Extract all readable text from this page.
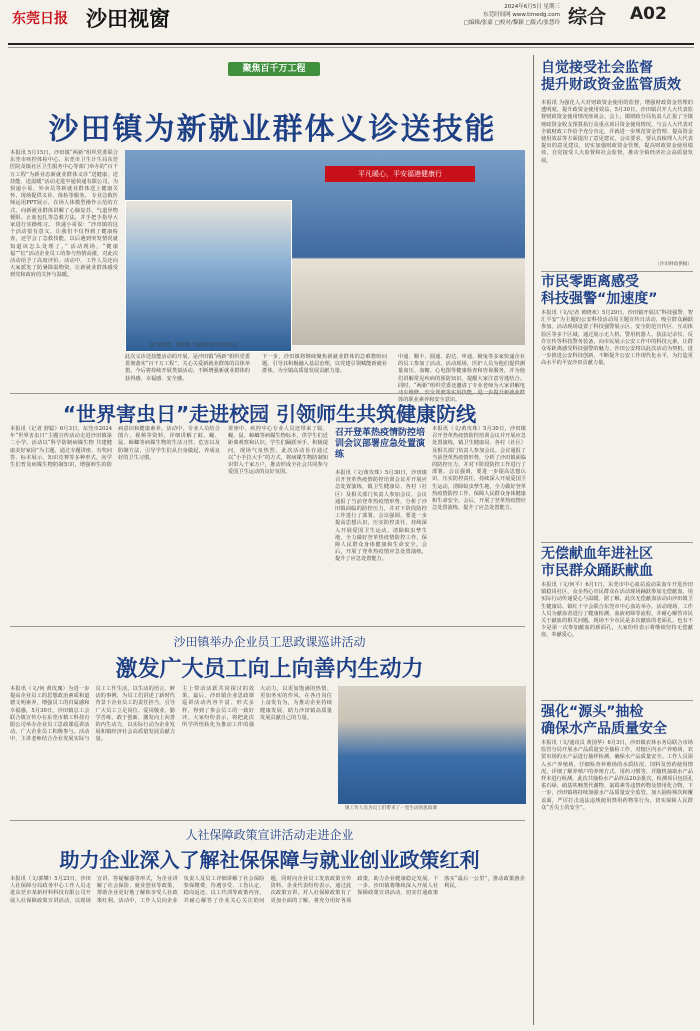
东莞日报 沙田视窗	2024年6月5日 星期三
东莞时间网 www.timedg.com
□编辑/张豪 □校对/黎颖 □版式/张慧玲 综合 A02
聚焦百千万工程
沙田镇为新就业群体义诊送技能
本报讯 5月15日，沙田镇“两新”组织党委联合东莞市疾控体检中心、东莞市卫生计生局东莞医院及镇社区卫生服务中心等部门举办的“百千万工程”为新业态新就业群体义诊“送健康、送技能、送温暖”活动走进中通快递有限公司，为快递小哥、外卖员等新就业群体送上健康关怀，现场提供义诊、体检等服务。 专业急救医师运用PPT展示、在场人体模型操作示范的方式，向新就业群体讲解了心肺复苏、气道异物梗阻、止血包扎等急救方法，并手把手指导大家进行实操练习。 快递小哥说：“沙田镇的这个活动很有意义，让我们不仅得到了健康检查，还学会了急救技能，以后遇到突发情况就知道该怎么处理了。” 活动现场，“健康福”“红”活动企业员工的参与热情高涨，对此次活动给予了高度评价。活动中，工作人员还向大家派发了防暑降温物资，让新就业群体感受到党和政府的关怀与温暖。
平凡暖心，平安福港健康行
新“送技能、送健康、送温暖”活动走进企业
此次义诊送技能活动的开展，是沙田镇“两新”组织党委贯彻落实“百千万工程”、关心关爱新就业群体的具体举措，今后将持续开展类似活动，不断增强新就业群体的获得感、幸福感、安全感。
下一步，沙田镇将继续聚焦新就业群体的急难愁盼问题，引导其积极融入基层治理，以党建引领赋能新就业群体，为全镇高质量发展贡献力量。
中通、顺丰、圆通、韵达、申通、极兔等多家快递企业的员工参加了活动。活动现场，医护人员为他们提供测量血压、血糖、心电图等健康检查和咨询服务，并为他们讲解常见疾病的预防知识，提醒大家注意劳逸结合。同时，“两新”组织党委还邀请了专业老师为大家讲解电 体的职业素养和安全意识。
“世界害虫日”走进校园 引领师生共筑健康防线
本报讯（记者 舒聪）6月3日，东莞市2024年“世界害虫日”主题宣传活动走进沙田镇第二小学。活动以“科学防制病媒生物 共建健康美好家园”为主题，通过专题讲座、有奖问答、标本展示、知识竞赛等多种形式，向学生们普及病媒生物防制知识，增强师生的防病意识和健康素养。活动中，专业人员结合图片、视频等资料，详细讲解了蚊、蝇、鼠、蟑螂等病媒生物的生活习性、危害以及防制方法，引导学生们从自身做起，养成良好的卫生习惯。
讲座中，疾控中心专业人员还带来了蚊、蝇、鼠、蟑螂等病媒生物标本，供学生们近距离观察和认识。学生们踊跃举手、积极提问，现场气氛热烈。此次活动旨在通过以“小手拉大手”的方式，将病媒生物防制知识带入千家万户，推动形成全社会共同参与爱国卫生运动的良好氛围。
召开登革热疫情防控培训会议部署应急处置演练
本报讯（文/黄攻珠）5月30日，沙田镇召开登革热疫情防控培训会议并开展应急处置演练，镇卫生健康局、各村（社区）及相关部门负责人参加会议。会议通报了当前登革热疫情形势，分析了沙田镇面临的防控压力，并对下阶段防控工作进行了部署。会议强调，要进一步提高思想认识，压实防控责任，持续深入开展爱国卫生运动，清除蚊虫孳生地，全力做好登革热疫情防控工作，保障人民群众身体健康和生命安全。会后，开展了登革热疫情应急处置演练，提升了应急处置能力。
本报讯（文/黄攻珠）5月30日，沙田镇召开登革热疫情防控培训会议并开展应急处置演练，镇卫生健康局、各村（社区）及相关部门负责人参加会议。会议通报了当前登革热疫情形势，分析了沙田镇面临的防控压力，并对下阶段防控工作进行了部署。会议强调，要进一步提高思想认识，压实防控责任，持续深入开展爱国卫生运动，清除蚊虫孳生地，全力做好登革热疫情防控工作，保障人民群众身体健康和生命安全。会后，开展了登革热疫情应急处置演练，提升了应急处置能力。
沙田镇举办企业员工思政课巡讲活动
激发广大员工向上向善内生动力
本报讯（文/何 黄玫瑰）为进一步提高企业员工的思想政治素质和道德文明素养，增强员工的归属感和幸福感，5月30日，沙田镇总工会联合镇宣传办在东莞市精工科技有限公司举办企业员工思政课巡讲活动，广大企业员工积极参与。活动中，主讲老师结合企业发展实际与员工工作生活，以生动的语言、鲜活的事例，为员工们讲述了新时代背景下企业员工的责任担当，引导广大员工立足岗位、爱岗敬业、勤学苦练、敢于创新，激发向上向善的内生动力，以实际行动为企业发展和镇经济社会高质量发展贡献力量。
主上带动活跃共同探讨的效果。最后，沙田镇企业思政课巡讲活动内容丰富、形式多样，得到了参会员工的一致好评。大家纷纷表示，将把此次所学所悟转化为推动工作的强大动力，以更加饱满的热情、更加务实的作风，在各自岗位上奋发有为，为推动企业持续健康发展、助力沙田镇高质量发展贡献自己的力量。
镇工作人员为员工们带来了一堂生动的思政课
人社保障政策宣讲活动走进企业
助力企业深入了解社保保障与就业创业政策红利
本报讯（文/郭攀）5月23日，沙田人社保障分局政务中心工作人员走进东莞市某新材料科技有限公司开展人社保障政策宣讲活动，以现场宣讲、答疑解惑等形式，为企业讲解了社会保险、就业创业等政策，帮助企业更好地了解和享受人社政策红利。活动中，工作人员向企业负责人及员工详细讲解了社会保险参保缴费、待遇享受、工伤认定、稳岗返还、以工代训等政策内容，并耐心解答了企业关心关注的问题，同时向企业员工发放政策宣传资料。企业代表纷纷表示，通过此次政策宣讲，对人社保障政策有了更加全面的了解，将充分用好各项政策，助力企业健康稳定发展。下一步，沙田镇将继续深入开展人社保障政策宣讲活动，切实打通政策落实“最后一公里”，推动政策惠企利民。
自觉接受社会监督
提升财政资金监管质效
本报讯 为强化人大对财政资金使用的监督，增强财政资金管理的透明度，提升政资金使用效益，5月30日，沙田镇召开人大代表监督财政资金使用情况座谈会。会上，镇财政分局负责人汇报了全镇财政资金收支预算执行及重点项目资金使用情况。与会人大代表对全镇财政工作给予充分肯定，并就进一步规范资金管理、提高资金使用效益等方面提出了意见建议。会议要求，要认真梳理人大代表提出的意见建议，切实加强财政资金管理，提高财政资金使用绩效，自觉接受人大监督和社会监督，推动全镇经济社会高质量发展。
（沙田财政供稿）
市民零距离感受
科技强警“加速度”
本报讯（文/记者 黄晓欢）5月29日，沙田镇开展以“科技强警、智汇平安”为主题的公安科技活动周主题宣传日活动，吸引群众踊跃参加。活动现场设置了科技强警展示区、安全防范宣传区、互动体验区等多个区域，通过展示无人机、警用机器人、执法记录仪、反诈宣传等科技警务装备，向市民展示公安工作中的科技元素，让群众零距离感受科技强警的魅力。沙田公安将以此次活动为契机，进一步推进公安科技创新，不断提升公安工作现代化水平，为打造更高水平的平安沙田贡献力量。
无偿献血年进社区
市民群众踊跃献血
本报讯（文/何平）6月1日，东莞市中心血站流动采血车开进沙田镇稳岗社区，众多热心市民群众在活动现场踊跃参加无偿献血，用实际行动传递爱心与温暖。据了解，此次无偿献血活动由沙田镇卫生健康局、镇红十字会联合东莞市中心血站举办。活动现场，工作人员为献血者进行了健康检测、血液初筛等流程，并耐心解答市民关于献血的相关问题。现场不少市民是多次献血的老面孔，也有不少是第一次参加献血的新面孔，大家纷纷表示将继续坚持无偿献血，奉献爱心。
强化“源头”抽检
确保水产品质量安全
本报讯（文/通讯员 黄国华）6月3日，沙田镇农林水务局联合市场监管分局开展水产品质量安全抽检工作，对辖区内水产养殖场、农贸市场的水产品进行抽样检测，确保水产品质量安全。工作人员深入水产养殖场，仔细检查养殖场的水质状况、饲料及兽药使用情况，详细了解养殖户的养殖方式、用药习惯等，并随机抽取水产品样本进行检测。此次共抽检水产品样品20余批次，检测项目包括孔雀石绿、硝基呋喃类代谢物、氯霉素等违禁药物及禁用化合物。下一步，沙田镇将持续加强水产品质量安全监管，加大抽检频次和覆盖面，严厉打击违法违规使用禁用药物等行为，切实保障人民群众“舌尖上的安全”。
